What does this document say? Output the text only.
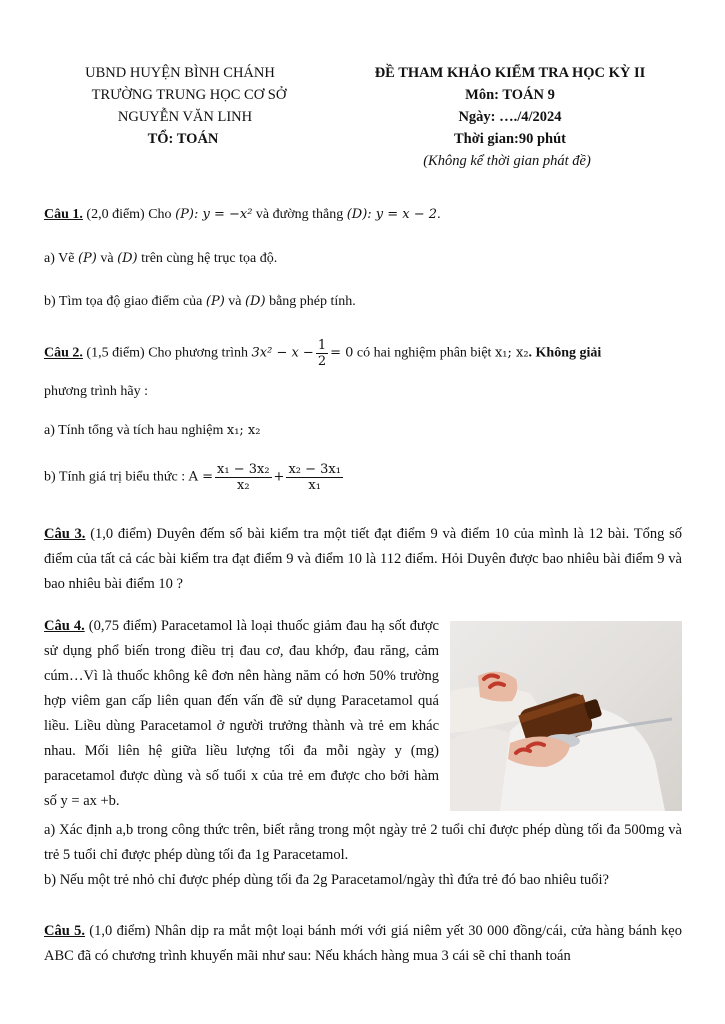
UBND HUYỆN BÌNH CHÁNH
TRƯỜNG TRUNG HỌC CƠ SỞ
NGUYỄN VĂN LINH
TỔ: TOÁN
ĐỀ THAM KHẢO KIỂM TRA HỌC KỲ II
Môn: TOÁN 9
Ngày: …./4/2024
Thời gian:90 phút
(Không kể thời gian phát đề)
Câu 1. (2,0 điểm) Cho (P): y = −x² và đường thẳng (D): y = x − 2.
a) Vẽ (P) và (D) trên cùng hệ trục tọa độ.
b) Tìm tọa độ giao điểm của (P) và (D) bằng phép tính.
Câu 2. (1,5 điểm) Cho phương trình $3x^2 - x - \frac{1}{2} = 0$ có hai nghiệm phân biệt x₁; x₂. Không giải
phương trình hãy :
a) Tính tổng và tích hau nghiệm x₁; x₂
b) Tính giá trị biểu thức : $A = \frac{\text{x₁ − 3x₂}}{\text{x₂}} + \frac{\text{x₂ − 3x₁}}{\text{x₁}}$
Câu 3. (1,0 điểm) Duyên đếm số bài kiểm tra một tiết đạt điểm 9 và điểm 10 của mình là 12 bài. Tổng số điểm của tất cả các bài kiểm tra đạt điểm 9 và điểm 10 là 112 điểm. Hỏi Duyên được bao nhiêu bài điểm 9 và bao nhiêu bài điểm 10 ?
Câu 4. (0,75 điểm) Paracetamol là loại thuốc giảm đau hạ sốt được sử dụng phổ biến trong điều trị đau cơ, đau khớp, đau răng, cảm cúm…Vì là thuốc không kê đơn nên hàng năm có hơn 50% trường hợp viêm gan cấp liên quan đến vấn đề sử dụng Paracetamol quá liều. Liều dùng Paracetamol ở người trưởng thành và trẻ em khác nhau. Mối liên hệ giữa liều lượng tối đa mỗi ngày y (mg) paracetamol được dùng và số tuổi x của trẻ em được cho bởi hàm số y = ax +b.
a) Xác định a,b trong công thức trên, biết rằng trong một ngày trẻ 2 tuổi chỉ được phép dùng tối đa 500mg và trẻ 5 tuổi chỉ được phép dùng tối đa 1g Paracetamol.
b) Nếu một trẻ nhỏ chỉ được phép dùng tối đa 2g Paracetamol/ngày thì đứa trẻ đó bao nhiêu tuổi?
Câu 5. (1,0 điểm) Nhân dịp ra mắt một loại bánh mới với giá niêm yết 30 000 đồng/cái, cửa hàng bánh kẹo ABC đã có chương trình khuyến mãi như sau: Nếu khách hàng mua 3 cái sẽ chỉ thanh toán
